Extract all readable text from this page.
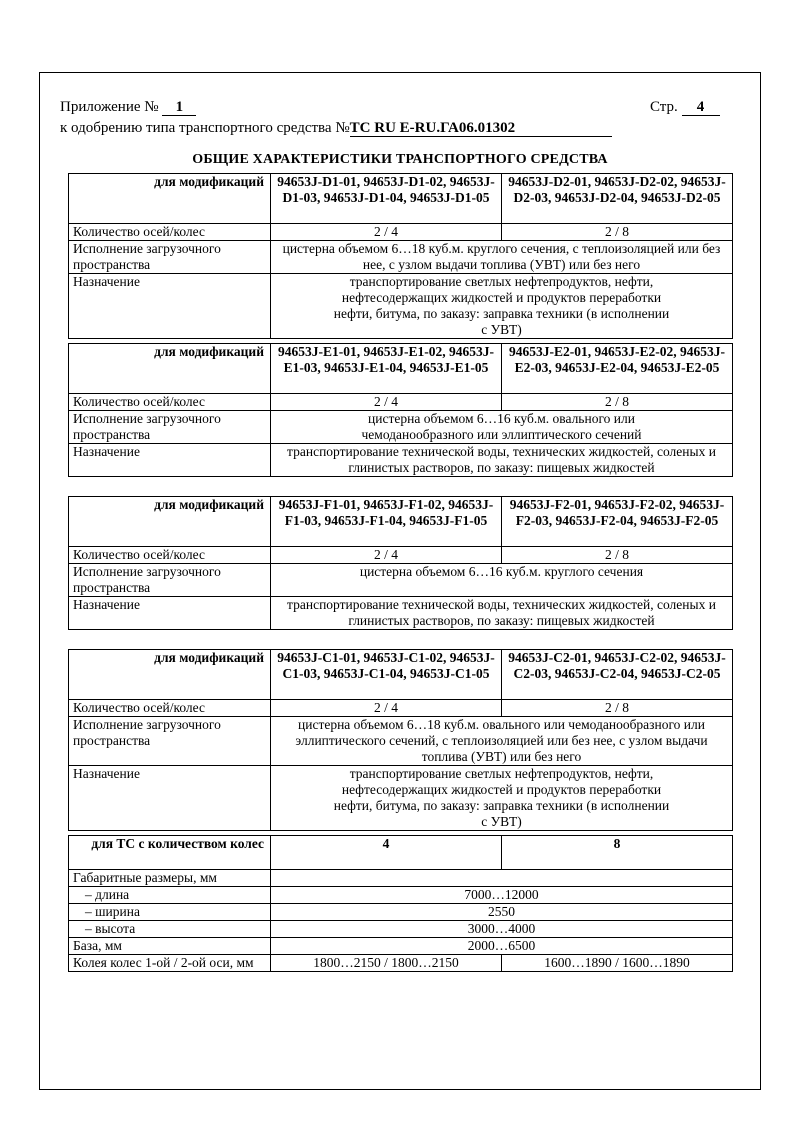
Приложение № 1	Стр. 4
к одобрению типа транспортного средства №ТС RU E-RU.ГА06.01302
ОБЩИЕ ХАРАКТЕРИСТИКИ ТРАНСПОРТНОГО СРЕДСТВА
для модификаций	94653J-D1-01, 94653J-D1-02, 94653J-D1-03, 94653J-D1-04, 94653J-D1-05	94653J-D2-01, 94653J-D2-02, 94653J-D2-03, 94653J-D2-04, 94653J-D2-05
Количество осей/колес	2 / 4	2 / 8
Исполнение загрузочного пространства	цистерна объемом 6…18 куб.м. круглого сечения, с теплоизоляцией или без нее, с узлом выдачи топлива (УВТ) или без него	
Назначение	транспортирование светлых нефтепродуктов, нефти, нефтесодержащих жидкостей и продуктов переработки нефти, битума, по заказу: заправка техники (в исполнении с УВТ)	
для модификаций	94653J-E1-01, 94653J-E1-02, 94653J-E1-03, 94653J-E1-04, 94653J-E1-05	94653J-E2-01, 94653J-E2-02, 94653J-E2-03, 94653J-E2-04, 94653J-E2-05
Количество осей/колес	2 / 4	2 / 8
Исполнение загрузочного пространства	цистерна объемом 6…16 куб.м. овального или чемоданообразного или эллиптического сечений	
Назначение	транспортирование технической воды, технических жидкостей, соленых и глинистых растворов, по заказу: пищевых жидкостей	
для модификаций	94653J-F1-01, 94653J-F1-02, 94653J-F1-03, 94653J-F1-04, 94653J-F1-05	94653J-F2-01, 94653J-F2-02, 94653J-F2-03, 94653J-F2-04, 94653J-F2-05
Количество осей/колес	2 / 4	2 / 8
Исполнение загрузочного пространства	цистерна объемом 6…16 куб.м. круглого сечения	
Назначение	транспортирование технической воды, технических жидкостей, соленых и глинистых растворов, по заказу: пищевых жидкостей	
для модификаций	94653J-C1-01, 94653J-C1-02, 94653J-C1-03, 94653J-C1-04, 94653J-C1-05	94653J-C2-01, 94653J-C2-02, 94653J-C2-03, 94653J-C2-04, 94653J-C2-05
Количество осей/колес	2 / 4	2 / 8
Исполнение загрузочного пространства	цистерна объемом 6…18 куб.м. овального или чемоданообразного или эллиптического сечений, с теплоизоляцией или без нее, с узлом выдачи топлива (УВТ) или без него	
Назначение	транспортирование светлых нефтепродуктов, нефти, нефтесодержащих жидкостей и продуктов переработки нефти, битума, по заказу: заправка техники (в исполнении с УВТ)	
для ТС с количеством колес	4	8
Габаритные размеры, мм		
– длина	7000…12000	
– ширина	2550	
– высота	3000…4000	
База, мм	2000…6500	
Колея колес 1-ой / 2-ой оси, мм	1800…2150 / 1800…2150	1600…1890 / 1600…1890
